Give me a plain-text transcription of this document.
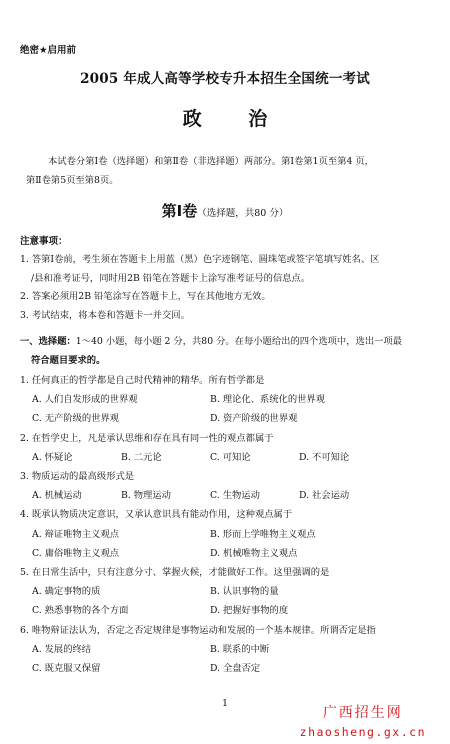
绝密★启用前
2005 年成人高等学校专升本招生全国统一考试
政 治
本试卷分第Ⅰ卷（选择题）和第Ⅱ卷（非选择题）两部分。第Ⅰ卷第1页至第4 页，
第Ⅱ卷第5页至第8页。
第Ⅰ卷（选择题，共80 分）
注意事项：
1. 答第Ⅰ卷前，考生须在答题卡上用蓝（黑）色字迹钢笔、圆珠笔或签字笔填写姓名、区
/县和准考证号，同时用2B 铅笔在答题卡上涂写准考证号的信息点。
2. 答案必须用2B 铅笔涂写在答题卡上，写在其他地方无效。
3. 考试结束，将本卷和答题卡一并交回。
一、选择题：1～40 小题，每小题 2 分，共80 分。在每小题给出的四个选项中，选出一项最
符合题目要求的。
1. 任何真正的哲学都是自己时代精神的精华。所有哲学都是
A. 人们自发形成的世界观	B. 理论化、系统化的世界观
C. 无产阶级的世界观	D. 资产阶级的世界观
2. 在哲学史上，凡是承认思维和存在具有同一性的观点都属于
A. 怀疑论	B. 二元论	C. 可知论	D. 不可知论
3. 物质运动的最高级形式是
A. 机械运动	B. 物理运动	C. 生物运动	D. 社会运动
4. 既承认物质决定意识，又承认意识具有能动作用，这种观点属于
A. 辩证唯物主义观点	B. 形而上学唯物主义观点
C. 庸俗唯物主义观点	D. 机械唯物主义观点
5. 在日常生活中，只有注意分寸、掌握火候，才能做好工作。这里强调的是
A. 确定事物的质	B. 认识事物的量
C. 熟悉事物的各个方面	D. 把握好事物的度
6. 唯物辩证法认为，否定之否定规律是事物运动和发展的一个基本规律。所谓否定是指
A. 发展的终结	B. 联系的中断
C. 既克服又保留	D. 全盘否定
1
广西招生网
zhaosheng.gx.cn
